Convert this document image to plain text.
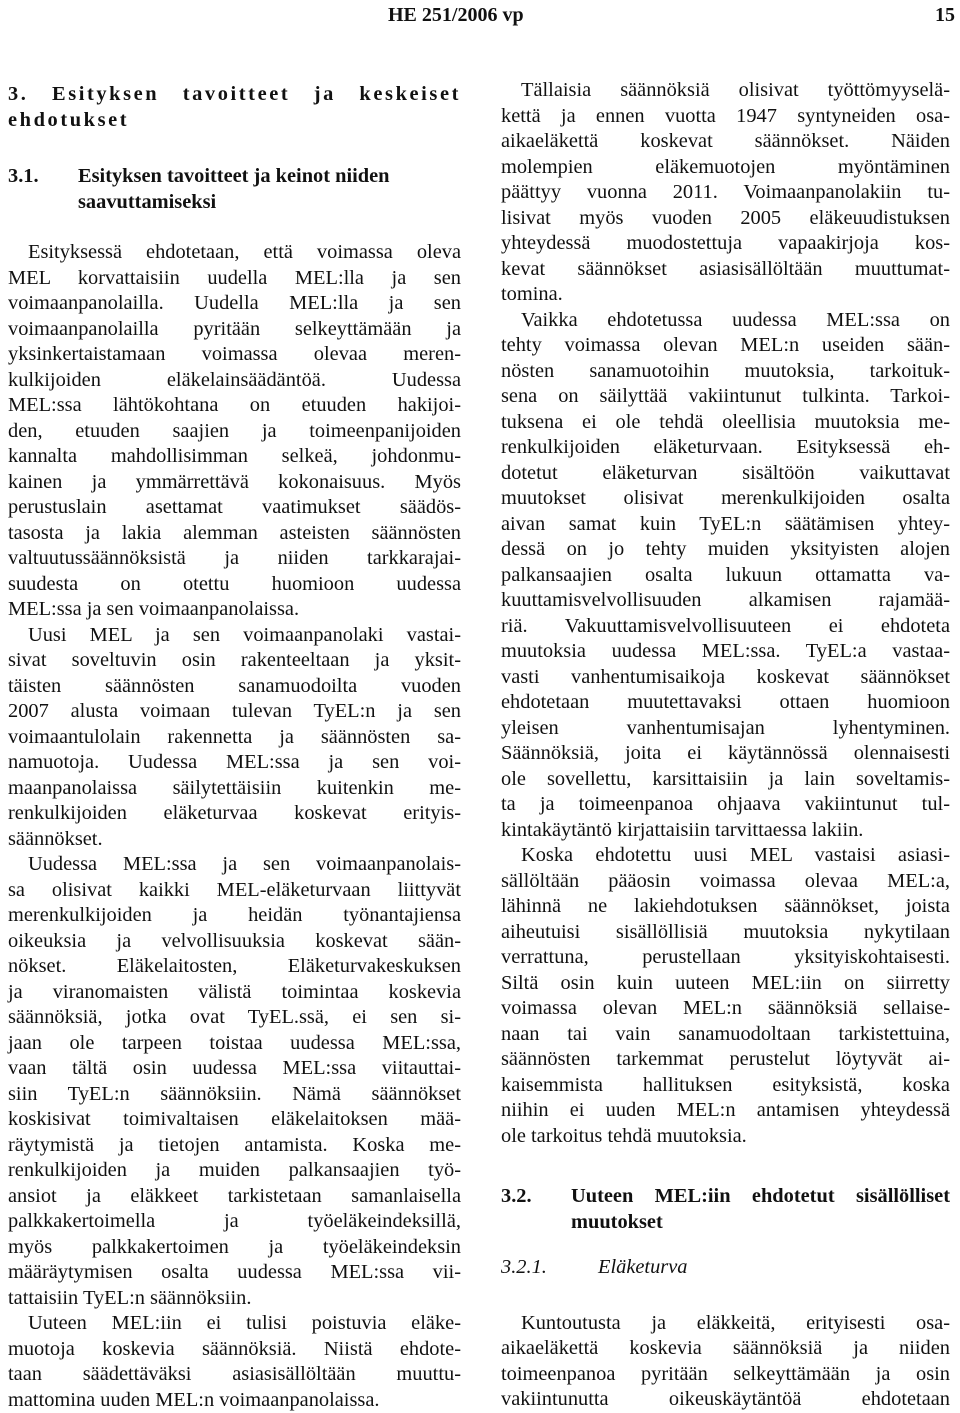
HE 251/2006 vp	15
3. Esityksen tavoitteet ja keskeiset
ehdotukset
3.1.	Esityksen tavoitteet ja keinot niiden
saavuttamiseksi
Esityksessä ehdotetaan, että voimassa oleva
MEL korvattaisiin uudella MEL:lla ja sen
voimaanpanolailla. Uudella MEL:lla ja sen
voimaanpanolailla pyritään selkeyttämään ja
yksinkertaistamaan voimassa olevaa meren-
kulkijoiden eläkelainsäädäntöä. Uudessa
MEL:ssa lähtökohtana on etuuden hakijoi-
den, etuuden saajien ja toimeenpanijoiden
kannalta mahdollisimman selkeä, johdonmu-
kainen ja ymmärrettävä kokonaisuus. Myös
perustuslain asettamat vaatimukset säädös-
tasosta ja lakia alemman asteisten säännösten
valtuutussäännöksistä ja niiden tarkkarajai-
suudesta on otettu huomioon uudessa
MEL:ssa ja sen voimaanpanolaissa.
Uusi MEL ja sen voimaanpanolaki vastai-
sivat soveltuvin osin rakenteeltaan ja yksit-
täisten säännösten sanamuodoilta vuoden
2007 alusta voimaan tulevan TyEL:n ja sen
voimaantulolain rakennetta ja säännösten sa-
namuotoja. Uudessa MEL:ssa ja sen voi-
maanpanolaissa säilytettäisiin kuitenkin me-
renkulkijoiden eläketurvaa koskevat erityis-
säännökset.
Uudessa MEL:ssa ja sen voimaanpanolais-
sa olisivat kaikki MEL-eläketurvaan liittyvät
merenkulkijoiden ja heidän työnantajiensa
oikeuksia ja velvollisuuksia koskevat sään-
nökset. Eläkelaitosten, Eläketurvakeskuksen
ja viranomaisten välistä toimintaa koskevia
säännöksiä, jotka ovat TyEL.ssä, ei sen si-
jaan ole tarpeen toistaa uudessa MEL:ssa,
vaan tältä osin uudessa MEL:ssa viitauttai-
siin TyEL:n säännöksiin. Nämä säännökset
koskisivat toimivaltaisen eläkelaitoksen mää-
räytymistä ja tietojen antamista. Koska me-
renkulkijoiden ja muiden palkansaajien työ-
ansiot ja eläkkeet tarkistetaan samanlaisella
palkkakertoimella ja työeläkeindeksillä,
myös palkkakertoimen ja työeläkeindeksin
määräytymisen osalta uudessa MEL:ssa vii-
tattaisiin TyEL:n säännöksiin.
Uuteen MEL:iin ei tulisi poistuvia eläke-
muotoja koskevia säännöksiä. Niistä ehdote-
taan säädettäväksi asiasisällöltään muuttu-
mattomina uuden MEL:n voimaanpanolaissa.
Tällaisia säännöksiä olisivat työttömyyselä-
kettä ja ennen vuotta 1947 syntyneiden osa-
aikaeläkettä koskevat säännökset. Näiden
molempien eläkemuotojen myöntäminen
päättyy vuonna 2011. Voimaanpanolakiin tu-
lisivat myös vuoden 2005 eläkeuudistuksen
yhteydessä muodostettuja vapaakirjoja kos-
kevat säännökset asiasisällöltään muuttumat-
tomina.
Vaikka ehdotetussa uudessa MEL:ssa on
tehty voimassa olevan MEL:n useiden sään-
nösten sanamuotoihin muutoksia, tarkoituk-
sena on säilyttää vakiintunut tulkinta. Tarkoi-
tuksena ei ole tehdä oleellisia muutoksia me-
renkulkijoiden eläketurvaan. Esityksessä eh-
dotetut eläketurvan sisältöön vaikuttavat
muutokset olisivat merenkulkijoiden osalta
aivan samat kuin TyEL:n säätämisen yhtey-
dessä on jo tehty muiden yksityisten alojen
palkansaajien osalta lukuun ottamatta va-
kuuttamisvelvollisuuden alkamisen rajamää-
riä. Vakuuttamisvelvollisuuteen ei ehdoteta
muutoksia uudessa MEL:ssa. TyEL:a vastaa-
vasti vanhentumisaikoja koskevat säännökset
ehdotetaan muutettavaksi ottaen huomioon
yleisen vanhentumisajan lyhentyminen.
Säännöksiä, joita ei käytännössä olennaisesti
ole sovellettu, karsittaisiin ja lain soveltamis-
ta ja toimeenpanoa ohjaava vakiintunut tul-
kintakäytäntö kirjattaisiin tarvittaessa lakiin.
Koska ehdotettu uusi MEL vastaisi asiasi-
sällöltään pääosin voimassa olevaa MEL:a,
lähinnä ne lakiehdotuksen säännökset, joista
aiheutuisi sisällöllisiä muutoksia nykytilaan
verrattuna, perustellaan yksityiskohtaisesti.
Siltä osin kuin uuteen MEL:iin on siirretty
voimassa olevan MEL:n säännöksiä sellaise-
naan tai vain sanamuodoltaan tarkistettuina,
säännösten tarkemmat perustelut löytyvät ai-
kaisemmista hallituksen esityksistä, koska
niihin ei uuden MEL:n antamisen yhteydessä
ole tarkoitus tehdä muutoksia.
3.2.	Uuteen MEL:iin ehdotetut sisällölliset
muutokset
3.2.1.	Eläketurva
Kuntoutusta ja eläkkeitä, erityisesti osa-
aikaeläkettä koskevia säännöksiä ja niiden
toimeenpanoa pyritään selkeyttämään ja osin
vakiintunutta oikeuskäytäntöä ehdotetaan
